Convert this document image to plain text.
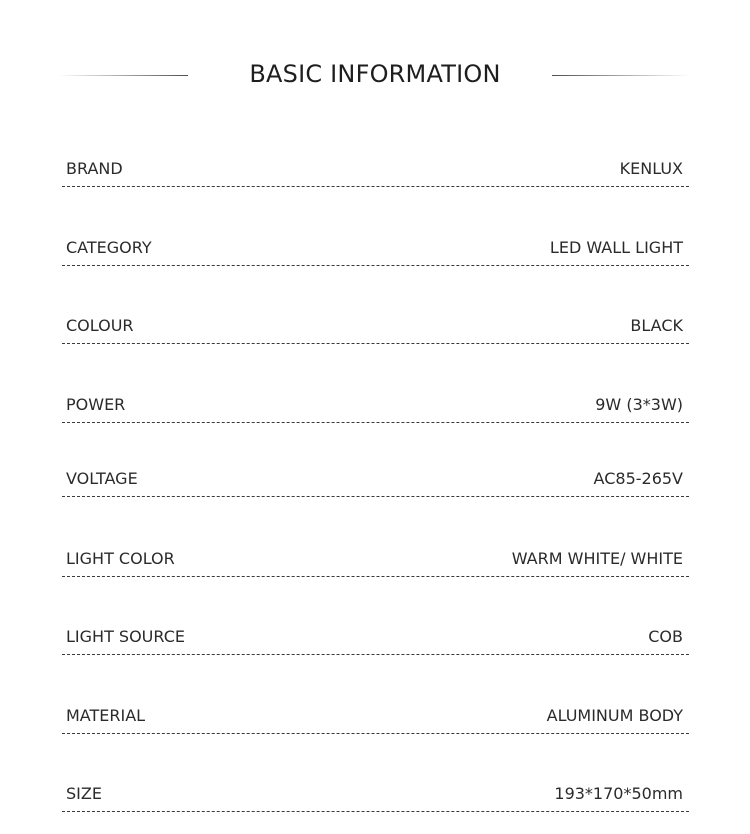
BASIC INFORMATION
BRAND	KENLUX
CATEGORY	LED WALL LIGHT
COLOUR	BLACK
POWER	9W (3*3W)
VOLTAGE	AC85-265V
LIGHT COLOR	WARM WHITE/ WHITE
LIGHT SOURCE	COB
MATERIAL	ALUMINUM BODY
SIZE	193*170*50mm
